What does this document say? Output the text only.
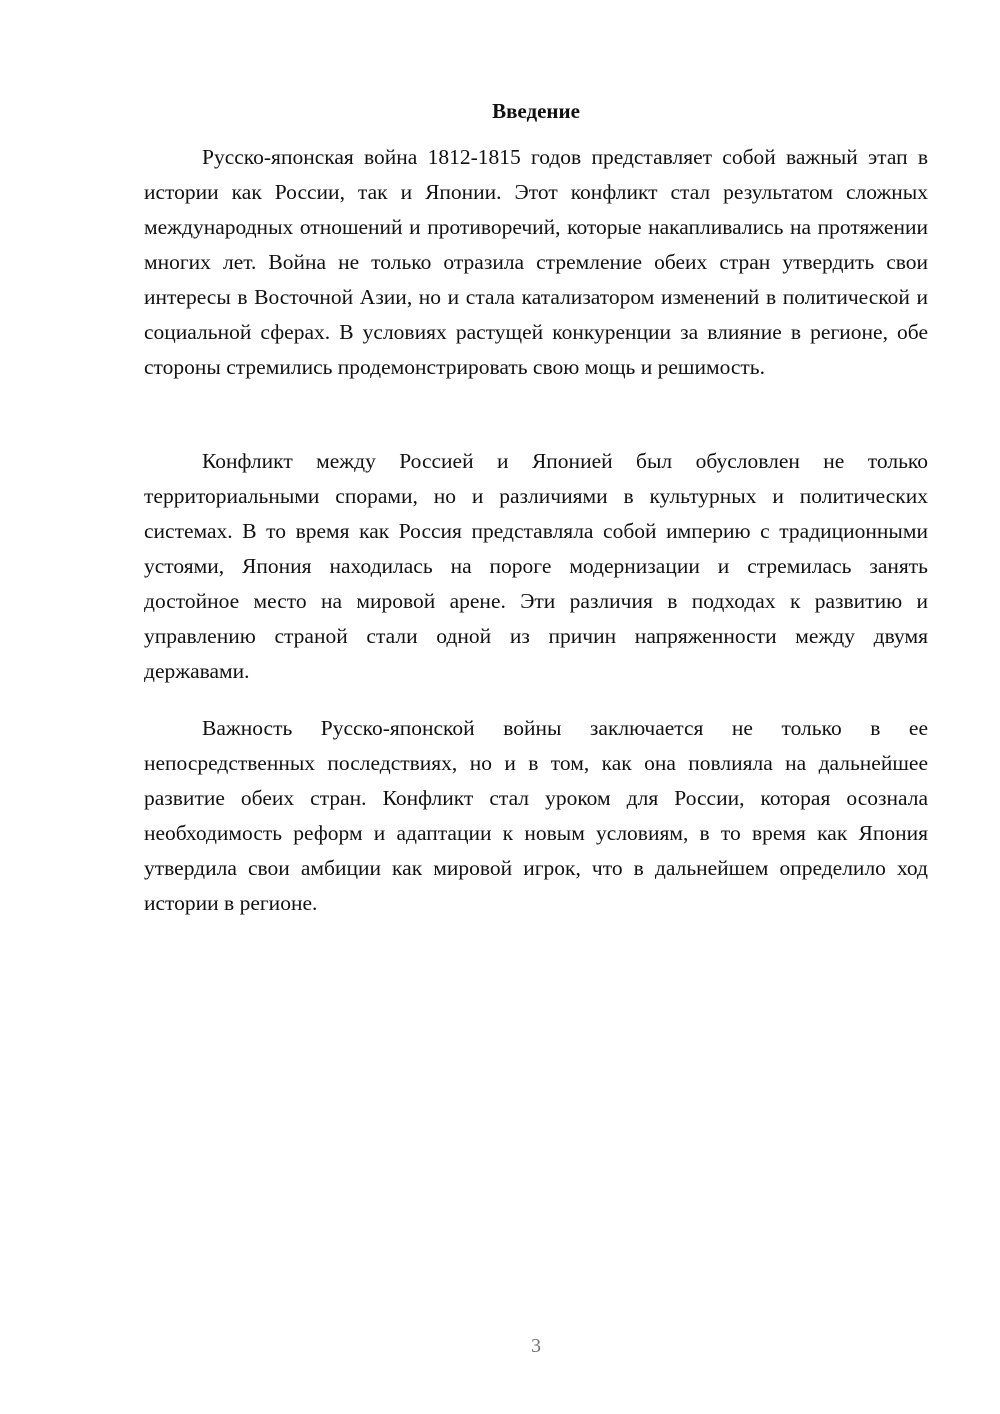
Введение

Русско-японская война 1812-1815 годов представляет собой важный этап в истории как России, так и Японии. Этот конфликт стал результатом сложных международных отношений и противоречий, которые накапливались на протяжении многих лет. Война не только отразила стремление обеих стран утвердить свои интересы в Восточной Азии, но и стала катализатором изменений в политической и социальной сферах. В условиях растущей конкуренции за влияние в регионе, обе стороны стремились продемонстрировать свою мощь и решимость.

Конфликт между Россией и Японией был обусловлен не только территориальными спорами, но и различиями в культурных и политических системах. В то время как Россия представляла собой империю с традиционными устоями, Япония находилась на пороге модернизации и стремилась занять достойное место на мировой арене. Эти различия в подходах к развитию и управлению страной стали одной из причин напряженности между двумя державами.

Важность Русско-японской войны заключается не только в ее непосредственных последствиях, но и в том, как она повлияла на дальнейшее развитие обеих стран. Конфликт стал уроком для России, которая осознала необходимость реформ и адаптации к новым условиям, в то время как Япония утвердила свои амбиции как мировой игрок, что в дальнейшем определило ход истории в регионе.

3
